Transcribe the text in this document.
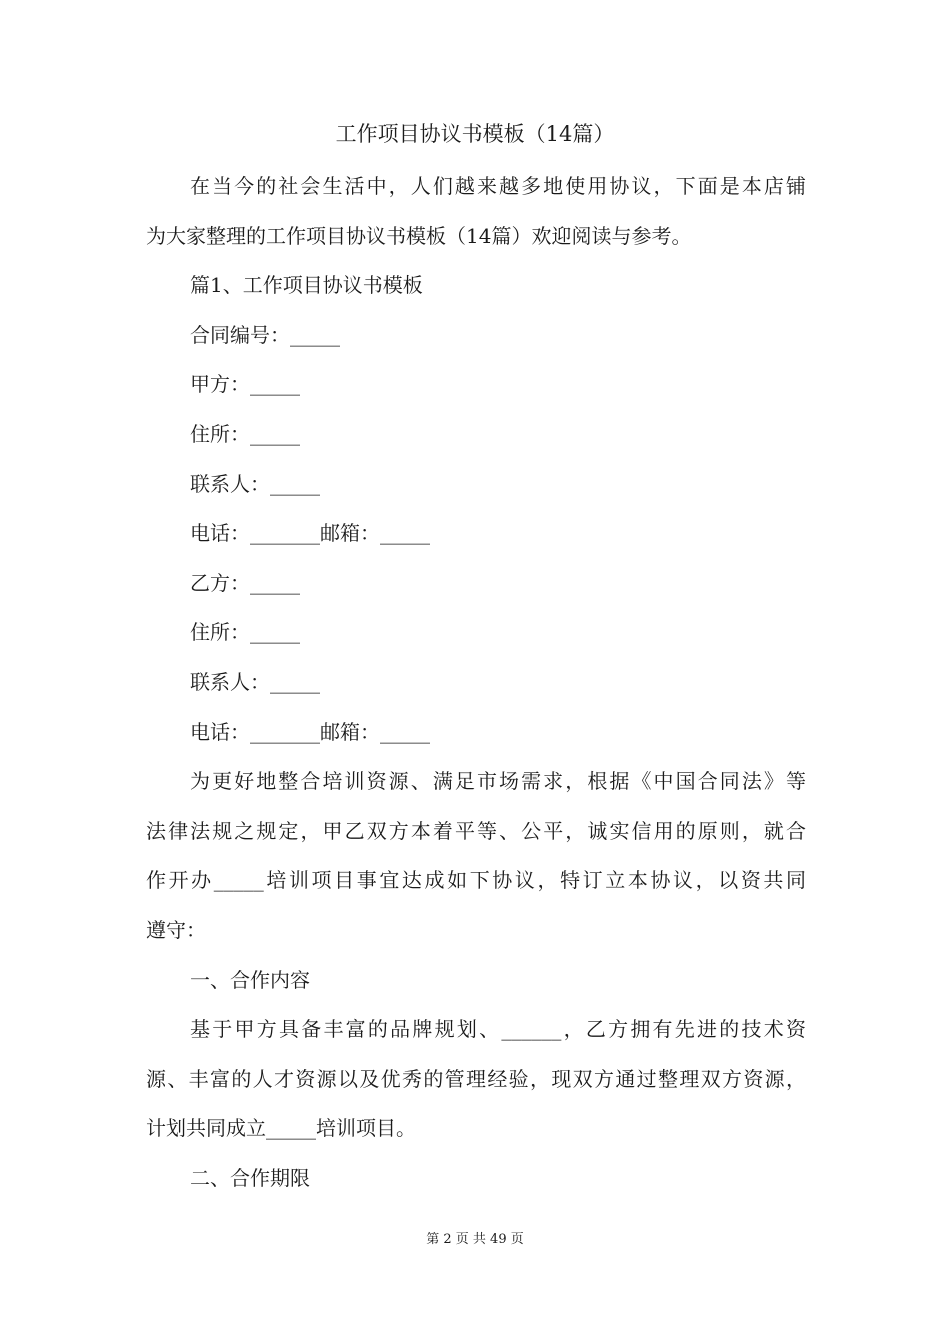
工作项目协议书模板（14篇）
在当今的社会生活中，人们越来越多地使用协议，下面是本店铺
为大家整理的工作项目协议书模板（14篇）欢迎阅读与参考。
篇1、工作项目协议书模板
合同编号：_____
甲方：_____
住所：_____
联系人：_____
电话：_______邮箱：_____
乙方：_____
住所：_____
联系人：_____
电话：_______邮箱：_____
为更好地整合培训资源、满足市场需求，根据《中国合同法》等
法律法规之规定，甲乙双方本着平等、公平，诚实信用的原则，就合
作开办_____培训项目事宜达成如下协议，特订立本协议，以资共同
遵守：
一、合作内容
基于甲方具备丰富的品牌规划、______，乙方拥有先进的技术资
源、丰富的人才资源以及优秀的管理经验，现双方通过整理双方资源，
计划共同成立_____培训项目。
二、合作期限
第 2 页 共 49 页
